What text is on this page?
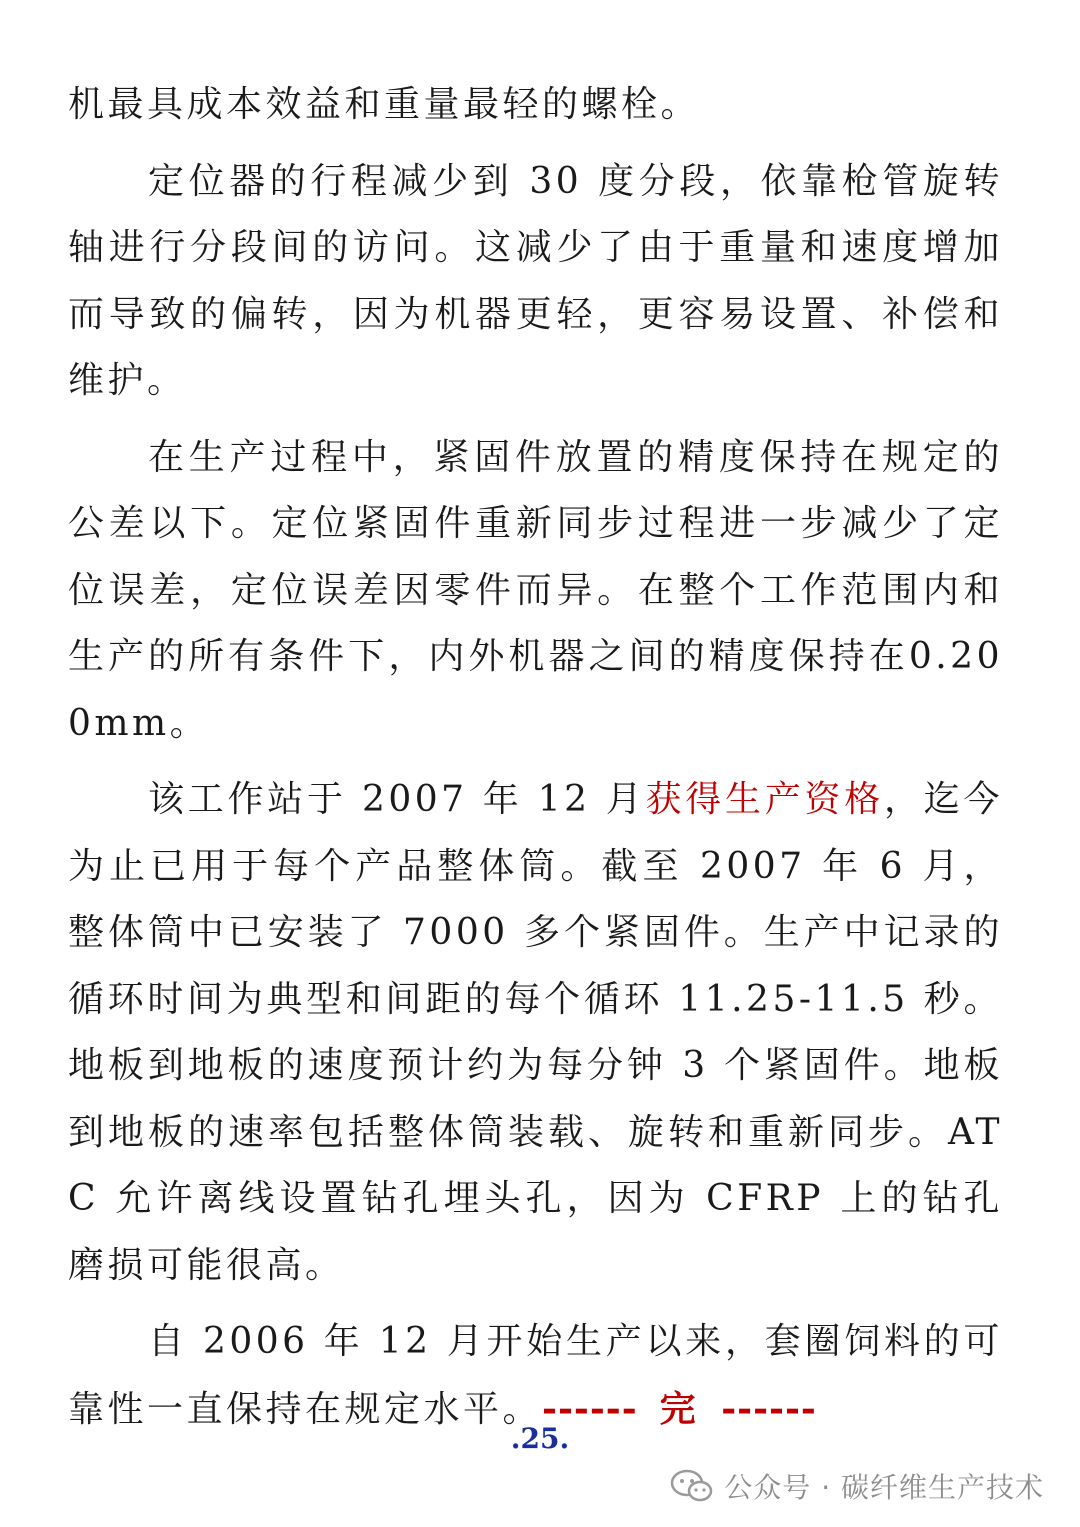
机最具成本效益和重量最轻的螺栓。

定位器的行程减少到 30 度分段，依靠枪管旋转轴进行分段间的访问。这减少了由于重量和速度增加而导致的偏转，因为机器更轻，更容易设置、补偿和维护。

在生产过程中，紧固件放置的精度保持在规定的公差以下。定位紧固件重新同步过程进一步减少了定位误差，定位误差因零件而异。在整个工作范围内和生产的所有条件下，内外机器之间的精度保持在0.200mm。

该工作站于 2007 年 12 月获得生产资格，迄今为止已用于每个产品整体筒。截至 2007 年 6 月，整体筒中已安装了 7000 多个紧固件。生产中记录的循环时间为典型和间距的每个循环 11.25-11.5 秒。地板到地板的速度预计约为每分钟 3 个紧固件。地板到地板的速率包括整体筒装载、旋转和重新同步。ATC 允许离线设置钻孔埋头孔，因为 CFRP 上的钻孔磨损可能很高。

自 2006 年 12 月开始生产以来，套圈饲料的可靠性一直保持在规定水平。------ 完 ------

.25.
公众号 · 碳纤维生产技术
